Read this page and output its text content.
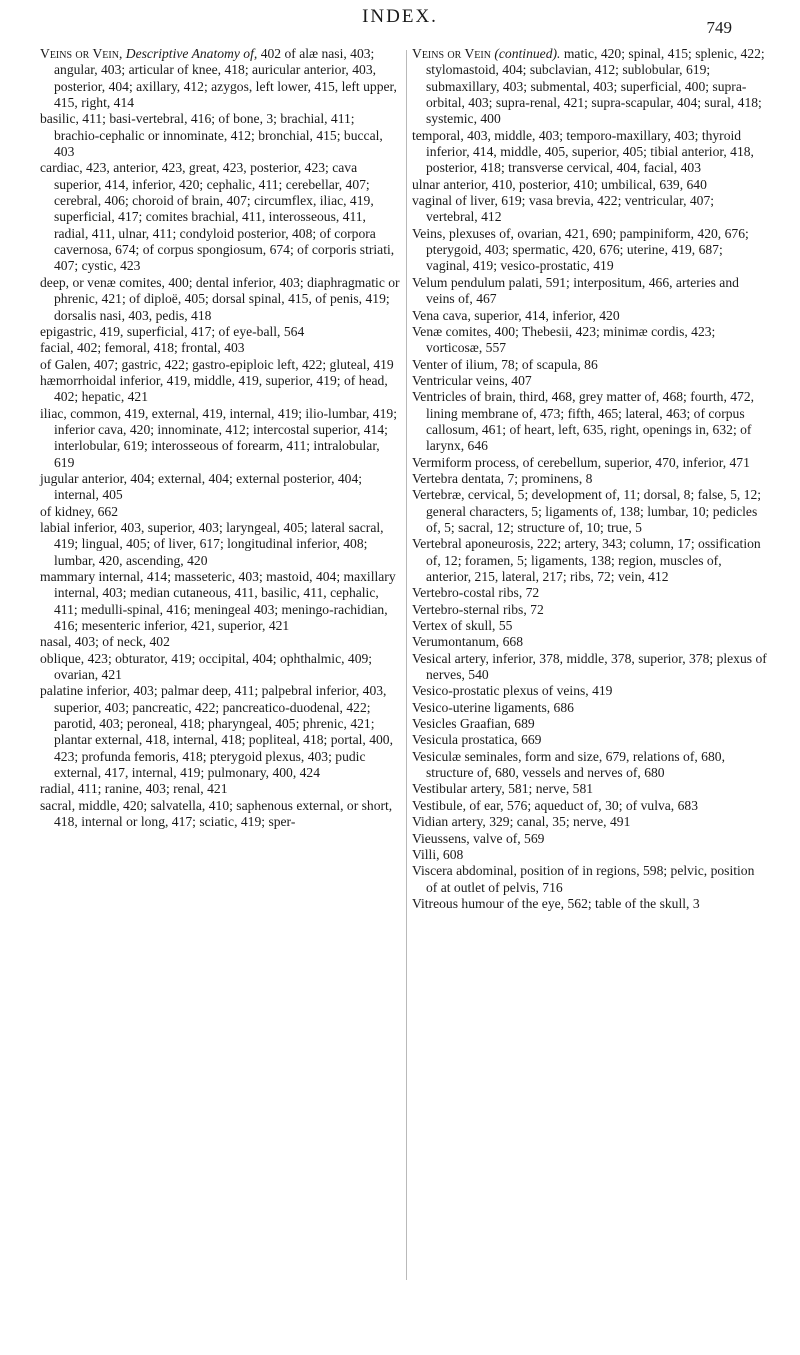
INDEX.
749

Veins or Vein, Descriptive Anatomy of, 402 of alæ nasi, 403; angular, 403; articular of knee, 418; auricular anterior, 403, posterior, 404; axillary, 412; azygos, left lower, 415, left upper, 415, right, 414

basilic, 411; basi-vertebral, 416; of bone, 3; brachial, 411; brachio-cephalic or innominate, 412; bronchial, 415; buccal, 403

cardiac, 423, anterior, 423, great, 423, posterior, 423; cava superior, 414, inferior, 420; cephalic, 411; cerebellar, 407; cerebral, 406; choroid of brain, 407; circumflex, iliac, 419, superficial, 417; comites brachial, 411, interosseous, 411, radial, 411, ulnar, 411; condyloid posterior, 408; of corpora cavernosa, 674; of corpus spongiosum, 674; of corporis striati, 407; cystic, 423

deep, or venæ comites, 400; dental inferior, 403; diaphragmatic or phrenic, 421; of diploë, 405; dorsal spinal, 415, of penis, 419; dorsalis nasi, 403, pedis, 418

epigastric, 419, superficial, 417; of eye-ball, 564

facial, 402; femoral, 418; frontal, 403

of Galen, 407; gastric, 422; gastro-epiploic left, 422; gluteal, 419

hæmorrhoidal inferior, 419, middle, 419, superior, 419; of head, 402; hepatic, 421

iliac, common, 419, external, 419, internal, 419; ilio-lumbar, 419; inferior cava, 420; innominate, 412; intercostal superior, 414; interlobular, 619; interosseous of forearm, 411; intralobular, 619

jugular anterior, 404; external, 404; external posterior, 404; internal, 405

of kidney, 662

labial inferior, 403, superior, 403; laryngeal, 405; lateral sacral, 419; lingual, 405; of liver, 617; longitudinal inferior, 408; lumbar, 420, ascending, 420

mammary internal, 414; masseteric, 403; mastoid, 404; maxillary internal, 403; median cutaneous, 411, basilic, 411, cephalic, 411; medulli-spinal, 416; meningeal 403; meningo-rachidian, 416; mesenteric inferior, 421, superior, 421

nasal, 403; of neck, 402

oblique, 423; obturator, 419; occipital, 404; ophthalmic, 409; ovarian, 421

palatine inferior, 403; palmar deep, 411; palpebral inferior, 403, superior, 403; pancreatic, 422; pancreatico-duodenal, 422; parotid, 403; peroneal, 418; pharyngeal, 405; phrenic, 421; plantar external, 418, internal, 418; popliteal, 418; portal, 400, 423; profunda femoris, 418; pterygoid plexus, 403; pudic external, 417, internal, 419; pulmonary, 400, 424

radial, 411; ranine, 403; renal, 421

sacral, middle, 420; salvatella, 410; saphenous external, or short, 418, internal or long, 417; sciatic, 419; sper-

Veins or Vein (continued). matic, 420; spinal, 415; splenic, 422; stylomastoid, 404; subclavian, 412; sublobular, 619; submaxillary, 403; submental, 403; superficial, 400; supra-orbital, 403; supra-renal, 421; supra-scapular, 404; sural, 418; systemic, 400

temporal, 403, middle, 403; temporo-maxillary, 403; thyroid inferior, 414, middle, 405, superior, 405; tibial anterior, 418, posterior, 418; transverse cervical, 404, facial, 403

ulnar anterior, 410, posterior, 410; umbilical, 639, 640

vaginal of liver, 619; vasa brevia, 422; ventricular, 407; vertebral, 412

Veins, plexuses of, ovarian, 421, 690; pampiniform, 420, 676; pterygoid, 403; spermatic, 420, 676; uterine, 419, 687; vaginal, 419; vesico-prostatic, 419

Velum pendulum palati, 591; interpositum, 466, arteries and veins of, 467

Vena cava, superior, 414, inferior, 420

Venæ comites, 400; Thebesii, 423; minimæ cordis, 423; vorticosæ, 557

Venter of ilium, 78; of scapula, 86

Ventricular veins, 407

Ventricles of brain, third, 468, grey matter of, 468; fourth, 472, lining membrane of, 473; fifth, 465; lateral, 463; of corpus callosum, 461; of heart, left, 635, right, openings in, 632; of larynx, 646

Vermiform process, of cerebellum, superior, 470, inferior, 471

Vertebra dentata, 7; prominens, 8

Vertebræ, cervical, 5; development of, 11; dorsal, 8; false, 5, 12; general characters, 5; ligaments of, 138; lumbar, 10; pedicles of, 5; sacral, 12; structure of, 10; true, 5

Vertebral aponeurosis, 222; artery, 343; column, 17; ossification of, 12; foramen, 5; ligaments, 138; region, muscles of, anterior, 215, lateral, 217; ribs, 72; vein, 412

Vertebro-costal ribs, 72

Vertebro-sternal ribs, 72

Vertex of skull, 55

Verumontanum, 668

Vesical artery, inferior, 378, middle, 378, superior, 378; plexus of nerves, 540

Vesico-prostatic plexus of veins, 419

Vesico-uterine ligaments, 686

Vesicles Graafian, 689

Vesicula prostatica, 669

Vesiculæ seminales, form and size, 679, relations of, 680, structure of, 680, vessels and nerves of, 680

Vestibular artery, 581; nerve, 581

Vestibule, of ear, 576; aqueduct of, 30; of vulva, 683

Vidian artery, 329; canal, 35; nerve, 491

Vieussens, valve of, 569

Villi, 608

Viscera abdominal, position of in regions, 598; pelvic, position of at outlet of pelvis, 716

Vitreous humour of the eye, 562; table of the skull, 3
